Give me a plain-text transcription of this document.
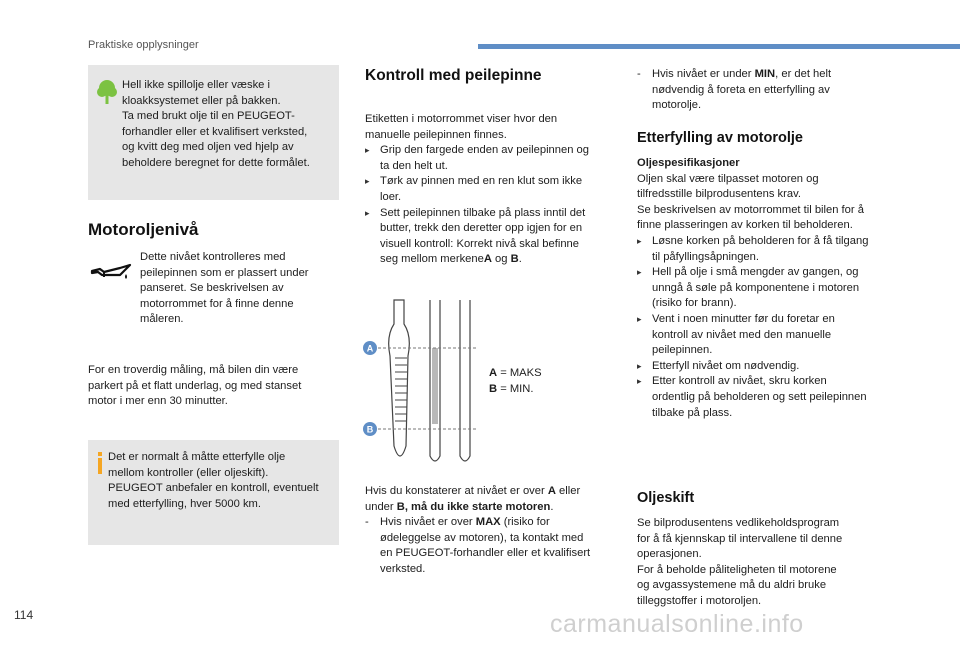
Praktiske opplysninger
Hell ikke spillolje eller væske i
kloakksystemet eller på bakken.
Ta med brukt olje til en PEUGEOT-
forhandler eller et kvalifisert verksted,
og kvitt deg med oljen ved hjelp av
beholdere beregnet for dette formålet.
Motoroljenivå
Dette nivået kontrolleres med
peilepinnen som er plassert under
panseret. Se beskrivelsen av
motorrommet for å finne denne
måleren.
For en troverdig måling, må bilen din være
parkert på et flatt underlag, og med stanset
motor i mer enn 30 minutter.
Det er normalt å måtte etterfylle olje
mellom kontroller (eller oljeskift).
PEUGEOT anbefaler en kontroll, eventuelt
med etterfylling, hver 5000 km.
Kontroll med peilepinne
Etiketten i motorrommet viser hvor den
manuelle peilepinnen finnes.
▸ Grip den fargede enden av peilepinnen og
ta den helt ut.
▸ Tørk av pinnen med en ren klut som ikke
loer.
▸ Sett peilepinnen tilbake på plass inntil det
butter, trekk den deretter opp igjen for en
visuell kontroll: Korrekt nivå skal befinne
seg mellom merkeneA og B.
A
B
A = MAKS
B = MIN.
Hvis du konstaterer at nivået er over A eller
under B, må du ikke starte motoren.
- Hvis nivået er over MAX (risiko for
ødeleggelse av motoren), ta kontakt med
en PEUGEOT-forhandler eller et kvalifisert
verksted.
- Hvis nivået er under MIN, er det helt
nødvendig å foreta en etterfylling av
motorolje.
Etterfylling av motorolje
Oljespesifikasjoner
Oljen skal være tilpasset motoren og
tilfredsstille bilprodusentens krav.
Se beskrivelsen av motorrommet til bilen for å
finne plasseringen av korken til beholderen.
▸ Løsne korken på beholderen for å få tilgang
til påfyllingsåpningen.
▸ Hell på olje i små mengder av gangen, og
unngå å søle på komponentene i motoren
(risiko for brann).
▸ Vent i noen minutter før du foretar en
kontroll av nivået med den manuelle
peilepinnen.
▸ Etterfyll nivået om nødvendig.
▸ Etter kontroll av nivået, skru korken
ordentlig på beholderen og sett peilepinnen
tilbake på plass.
Oljeskift
Se bilprodusentens vedlikeholdsprogram
for å få kjennskap til intervallene til denne
operasjonen.
For å beholde påliteligheten til motorene
og avgassystemene må du aldri bruke
tilleggstoffer i motoroljen.
114	carmanualsonline.info
